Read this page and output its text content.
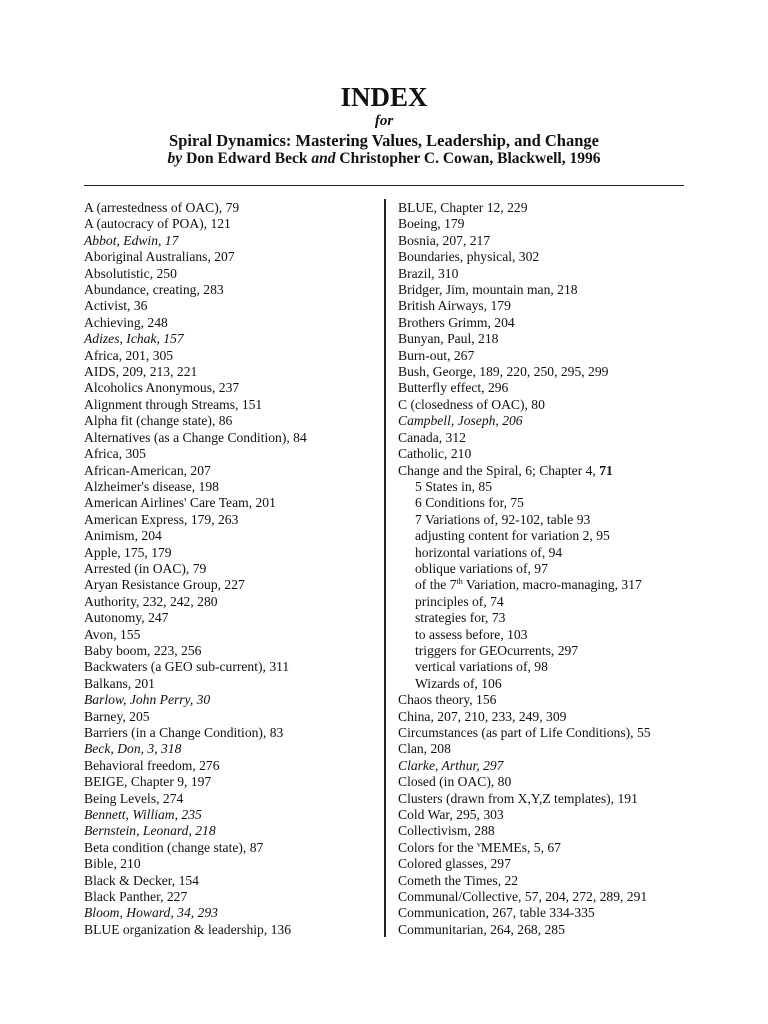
INDEX
for
Spiral Dynamics: Mastering Values, Leadership, and Change
by Don Edward Beck and Christopher C. Cowan, Blackwell, 1996
A (arrestedness of OAC), 79
A (autocracy of POA), 121
Abbot, Edwin, 17
Aboriginal Australians, 207
Absolutistic, 250
Abundance, creating, 283
Activist, 36
Achieving, 248
Adizes, Ichak, 157
Africa, 201, 305
AIDS, 209, 213, 221
Alcoholics Anonymous, 237
Alignment through Streams, 151
Alpha fit (change state), 86
Alternatives (as a Change Condition), 84
Africa, 305
African-American, 207
Alzheimer's disease, 198
American Airlines' Care Team, 201
American Express, 179, 263
Animism, 204
Apple, 175, 179
Arrested (in OAC), 79
Aryan Resistance Group, 227
Authority, 232, 242, 280
Autonomy, 247
Avon, 155
Baby boom, 223, 256
Backwaters (a GEO sub-current), 311
Balkans, 201
Barlow, John Perry, 30
Barney, 205
Barriers (in a Change Condition), 83
Beck, Don, 3, 318
Behavioral freedom, 276
BEIGE, Chapter 9, 197
Being Levels, 274
Bennett, William, 235
Bernstein, Leonard, 218
Beta condition (change state), 87
Bible, 210
Black & Decker, 154
Black Panther, 227
Bloom, Howard, 34, 293
BLUE organization & leadership, 136
BLUE, Chapter 12, 229
Boeing, 179
Bosnia, 207, 217
Boundaries, physical, 302
Brazil, 310
Bridger, Jim, mountain man, 218
British Airways, 179
Brothers Grimm, 204
Bunyan, Paul, 218
Burn-out, 267
Bush, George, 189, 220, 250, 295, 299
Butterfly effect, 296
C (closedness of OAC), 80
Campbell, Joseph, 206
Canada, 312
Catholic, 210
Change and the Spiral, 6; Chapter 4, 71
5 States in, 85
6 Conditions for, 75
7 Variations of, 92-102, table 93
adjusting content for variation 2, 95
horizontal variations of, 94
oblique variations of, 97
of the 7th Variation, macro-managing, 317
principles of, 74
strategies for, 73
to assess before, 103
triggers for GEOcurrents, 297
vertical variations of, 98
Wizards of, 106
Chaos theory, 156
China, 207, 210, 233, 249, 309
Circumstances (as part of Life Conditions), 55
Clan, 208
Clarke, Arthur, 297
Closed (in OAC), 80
Clusters (drawn from X,Y,Z templates), 191
Cold War, 295, 303
Collectivism, 288
Colors for the $^v$MEMEs, 5, 67
Colored glasses, 297
Cometh the Times, 22
Communal/Collective, 57, 204, 272, 289, 291
Communication, 267, table 334-335
Communitarian, 264, 268, 285
